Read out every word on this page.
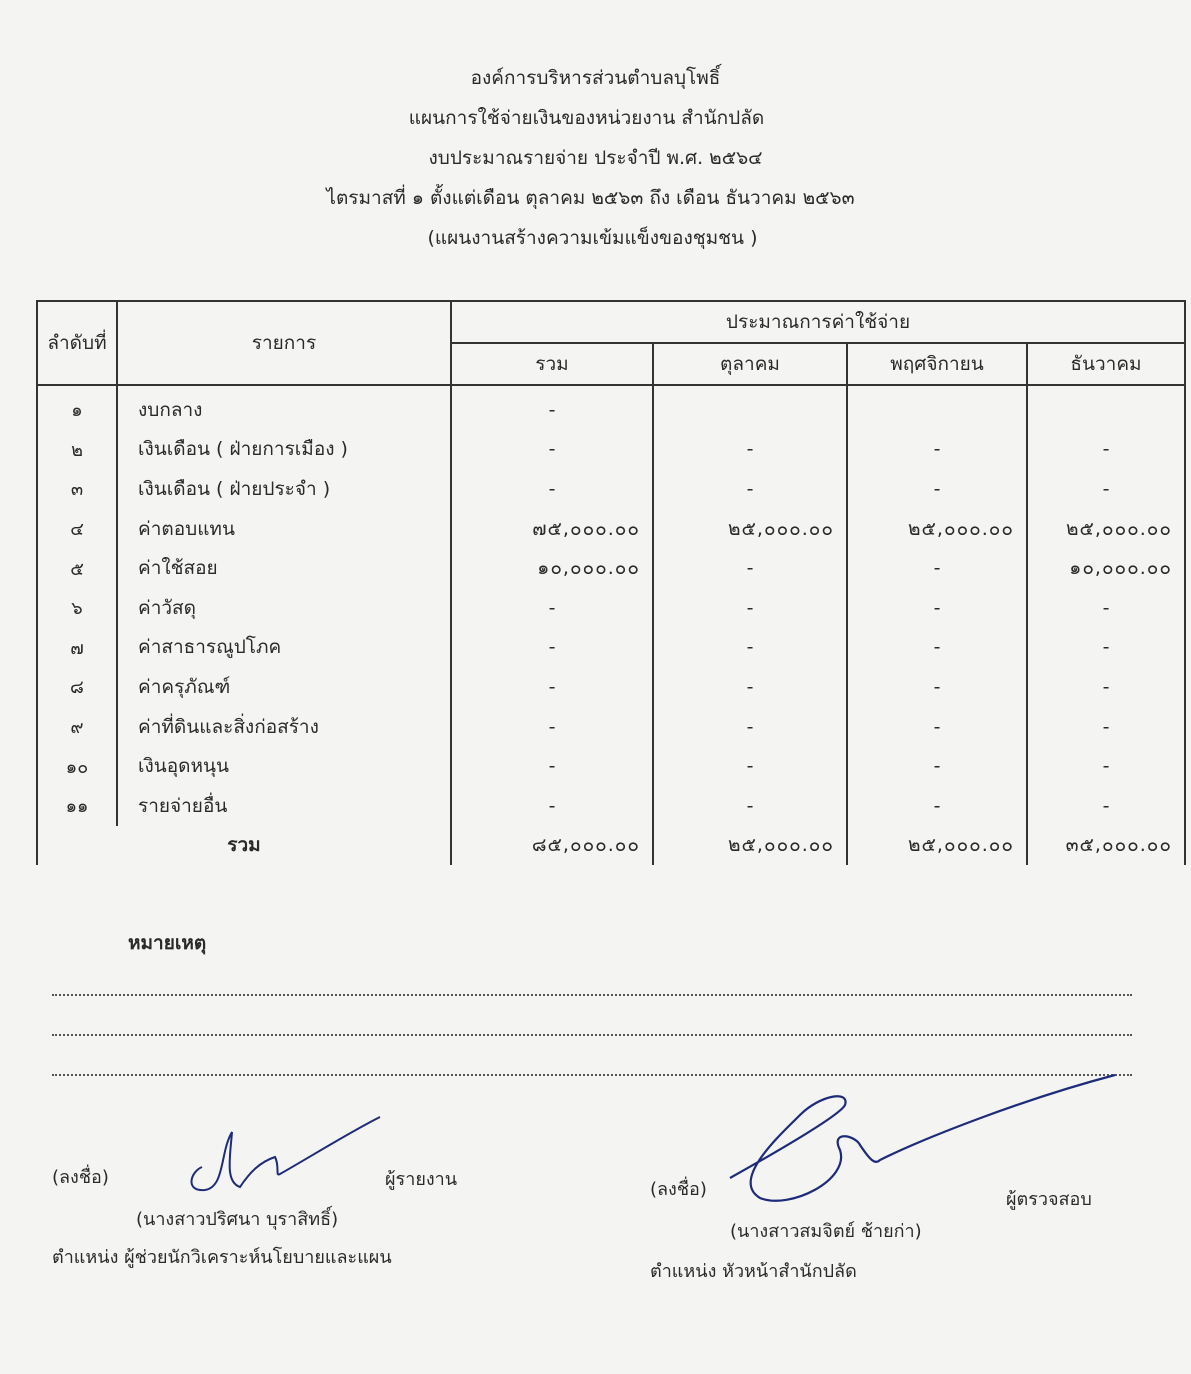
องค์การบริหารส่วนตำบลบุโพธิ์
แผนการใช้จ่ายเงินของหน่วยงาน สำนักปลัด
งบประมาณรายจ่าย ประจำปี พ.ศ. ๒๕๖๔
ไตรมาสที่ ๑ ตั้งแต่เดือน ตุลาคม ๒๕๖๓ ถึง เดือน ธันวาคม ๒๕๖๓
(แผนงานสร้างความเข้มแข็งของชุมชน )
ลำดับที่	รายการ	ประมาณการค่าใช้จ่าย			
		รวม	ตุลาคม	พฤศจิกายน	ธันวาคม
๑	งบกลาง	-			
๒	เงินเดือน ( ฝ่ายการเมือง )	-	-	-	-
๓	เงินเดือน ( ฝ่ายประจำ )	-	-	-	-
๔	ค่าตอบแทน	๗๕,๐๐๐.๐๐	๒๕,๐๐๐.๐๐	๒๕,๐๐๐.๐๐	๒๕,๐๐๐.๐๐
๕	ค่าใช้สอย	๑๐,๐๐๐.๐๐	-	-	๑๐,๐๐๐.๐๐
๖	ค่าวัสดุ	-	-	-	-
๗	ค่าสาธารณูปโภค	-	-	-	-
๘	ค่าครุภัณฑ์	-	-	-	-
๙	ค่าที่ดินและสิ่งก่อสร้าง	-	-	-	-
๑๐	เงินอุดหนุน	-	-	-	-
๑๑	รายจ่ายอื่น	-	-	-	-
รวม		๘๕,๐๐๐.๐๐	๒๕,๐๐๐.๐๐	๒๕,๐๐๐.๐๐	๓๕,๐๐๐.๐๐
หมายเหตุ
(ลงชื่อ)	ผู้รายงาน
(นางสาวปริศนา บุราสิทธิ์)
ตำแหน่ง ผู้ช่วยนักวิเคราะห์นโยบายและแผน
(ลงชื่อ)	ผู้ตรวจสอบ
(นางสาวสมจิตย์ ช้ายก่า)
ตำแหน่ง หัวหน้าสำนักปลัด
